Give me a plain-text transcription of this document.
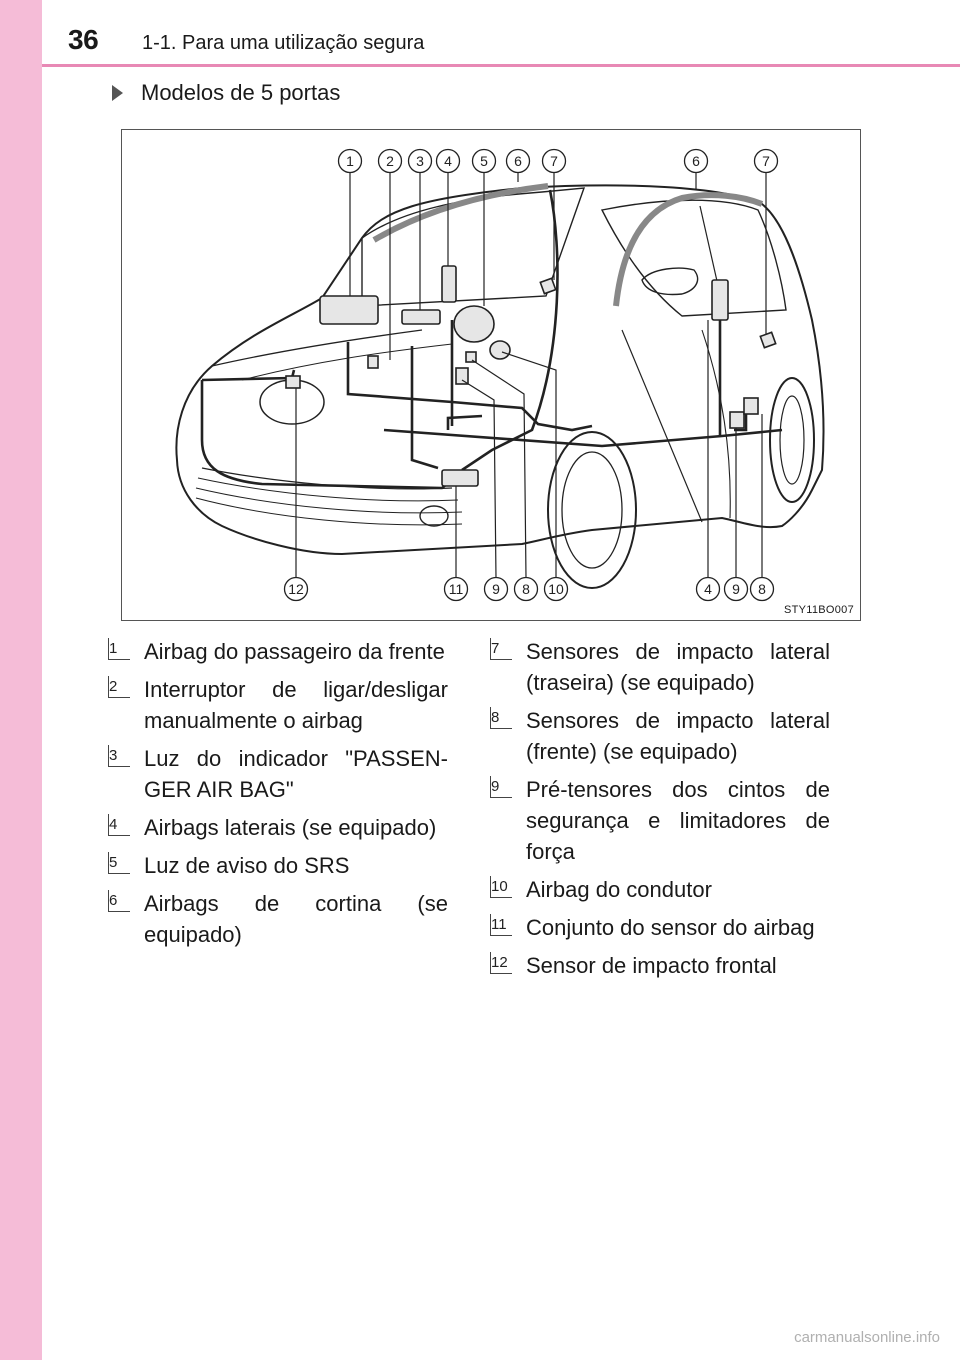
36 1-1. Para uma utilização segura
Modelos de 5 portas
1 2 3 4 5 6 7	6	7
12	11 9 8 10	4 9 8
STY11BO007
1	Airbag do passageiro da frente
2	Interruptor de ligar/desligar manualmente o airbag
3	Luz do indicador "PASSEN-GER AIR BAG"
4	Airbags laterais (se equipado)
5	Luz de aviso do SRS
6	Airbags de cortina (se equipado)
7	Sensores de impacto lateral (traseira) (se equipado)
8	Sensores de impacto lateral (frente) (se equipado)
9	Pré-tensores dos cintos de segurança e limitadores de força
10 Airbag do condutor
11 Conjunto do sensor do airbag
12 Sensor de impacto frontal
carmanualsonline.info
